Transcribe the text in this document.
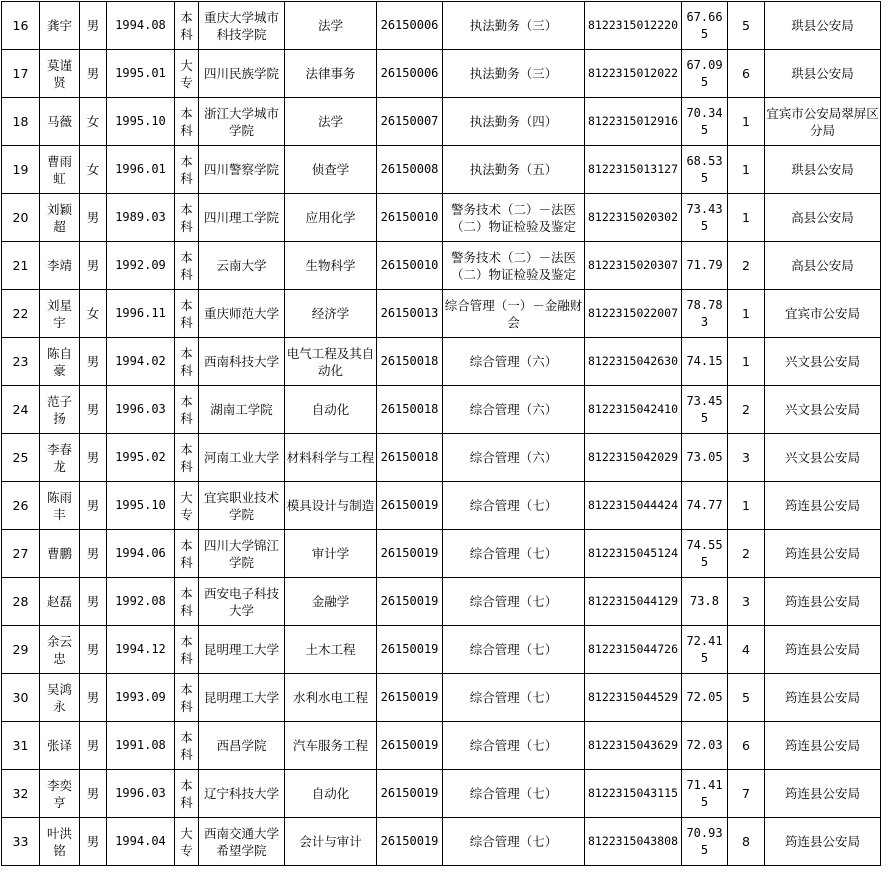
16	龚宇	男	1994.08	本科	重庆大学城市科技学院	法学	26150006	执法勤务（三）	8122315012220	67.665	5	珙县公安局
17	莫谨贤	男	1995.01	大专	四川民族学院	法律事务	26150006	执法勤务（三）	8122315012022	67.095	6	珙县公安局
18	马薇	女	1995.10	本科	浙江大学城市学院	法学	26150007	执法勤务（四）	8122315012916	70.345	1	宜宾市公安局翠屏区分局
19	曹雨虹	女	1996.01	本科	四川警察学院	侦查学	26150008	执法勤务（五）	8122315013127	68.535	1	珙县公安局
20	刘颖超	男	1989.03	本科	四川理工学院	应用化学	26150010	警务技术（二）－法医（二）物证检验及鉴定	8122315020302	73.435	1	高县公安局
21	李靖	男	1992.09	本科	云南大学	生物科学	26150010	警务技术（二）－法医（二）物证检验及鉴定	8122315020307	71.79	2	高县公安局
22	刘星宇	女	1996.11	本科	重庆师范大学	经济学	26150013	综合管理（一）－金融财会	8122315022007	78.783	1	宜宾市公安局
23	陈自豪	男	1994.02	本科	西南科技大学	电气工程及其自动化	26150018	综合管理（六）	8122315042630	74.15	1	兴文县公安局
24	范子扬	男	1996.03	本科	湖南工学院	自动化	26150018	综合管理（六）	8122315042410	73.455	2	兴文县公安局
25	李春龙	男	1995.02	本科	河南工业大学	材料科学与工程	26150018	综合管理（六）	8122315042029	73.05	3	兴文县公安局
26	陈雨丰	男	1995.10	大专	宜宾职业技术学院	模具设计与制造	26150019	综合管理（七）	8122315044424	74.77	1	筠连县公安局
27	曹鹏	男	1994.06	本科	四川大学锦江学院	审计学	26150019	综合管理（七）	8122315045124	74.555	2	筠连县公安局
28	赵磊	男	1992.08	本科	西安电子科技大学	金融学	26150019	综合管理（七）	8122315044129	73.8	3	筠连县公安局
29	余云忠	男	1994.12	本科	昆明理工大学	土木工程	26150019	综合管理（七）	8122315044726	72.415	4	筠连县公安局
30	吴鸿永	男	1993.09	本科	昆明理工大学	水利水电工程	26150019	综合管理（七）	8122315044529	72.05	5	筠连县公安局
31	张译	男	1991.08	本科	西昌学院	汽车服务工程	26150019	综合管理（七）	8122315043629	72.03	6	筠连县公安局
32	李奕亨	男	1996.03	本科	辽宁科技大学	自动化	26150019	综合管理（七）	8122315043115	71.415	7	筠连县公安局
33	叶洪铭	男	1994.04	大专	西南交通大学希望学院	会计与审计	26150019	综合管理（七）	8122315043808	70.935	8	筠连县公安局
